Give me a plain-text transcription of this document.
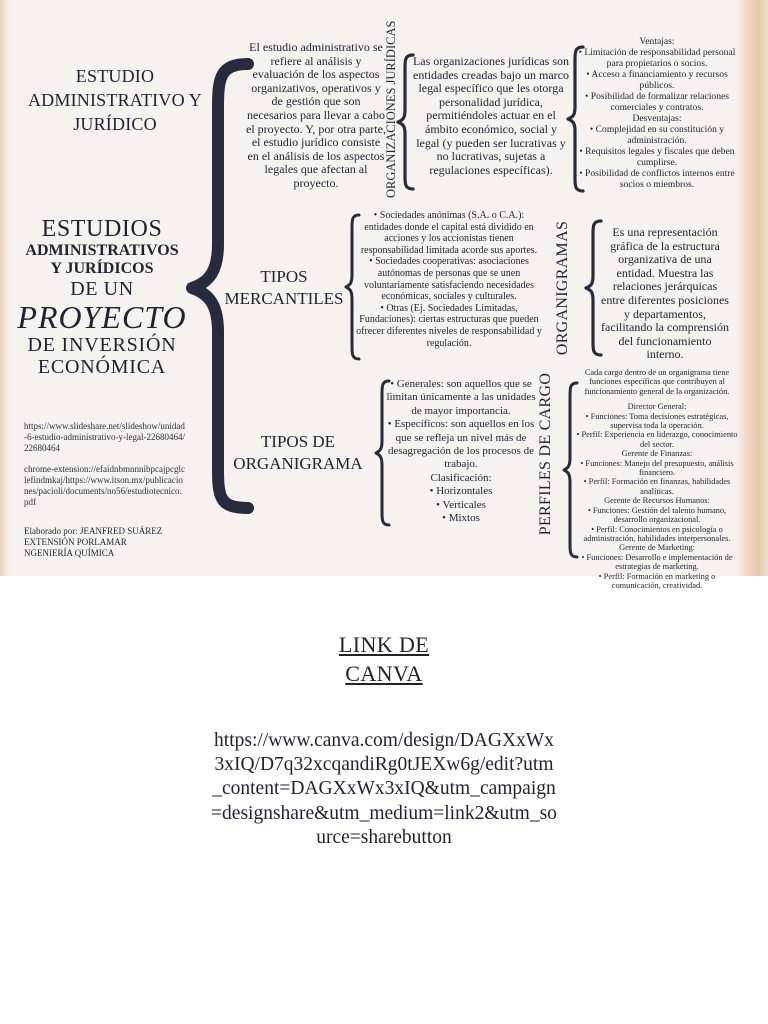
ESTUDIO ADMINISTRATIVO Y JURÍDICO
ESTUDIOS
ADMINISTRATIVOS
Y JURÍDICOS
DE UN
PROYECTO
DE INVERSIÓN
ECONÓMICA
https://www.slideshare.net/slideshow/unidad-6-estudio-administrativo-y-legal-22680464/22680464
chrome-extension://efaidnbmnnnibpcajpcglclefindmkaj/https://www.itson.mx/publicaciones/pacioli/documents/no56/estudiotecnico.pdf
Elaborado por: JEANFRED SUÁREZ
EXTENSIÓN PORLAMAR
NGENIERÍA QUÍMICA
El estudio administrativo se refiere al análisis y evaluación de los aspectos organizativos, operativos y de gestión que son necesarios para llevar a cabo el proyecto. Y, por otra parte, el estudio jurídico consiste en el análisis de los aspectos legales que afectan al proyecto.	ORGANIZACIONES JURÍDICAS Las organizaciones jurídicas son entidades creadas bajo un marco legal específico que les otorga personalidad jurídica, permitiéndoles actuar en el ámbito económico, social y legal (y pueden ser lucrativas y no lucrativas, sujetas a regulaciones específicas).
Ventajas:
• Limitación de responsabilidad personal para propietarios o socios.
• Acceso a financiamiento y recursos públicos.
• Posibilidad de formalizar relaciones comerciales y contratos.
Desventajas:
• Complejidad en su constitución y administración.
• Requisitos legales y fiscales que deben cumplirse.
• Posibilidad de conflictos internos entre socios o miembros.
TIPOS MERCANTILES
• Sociedades anónimas (S.A. o C.A.): entidades donde el capital está dividido en acciones y los accionistas tienen responsabilidad limitada acorde sus aportes.
• Sociedades cooperativas: asociaciones autónomas de personas que se unen voluntariamente satisfaciendo necesidades económicas, sociales y culturales.
• Otras (Ej. Sociedades Limitadas, Fundaciones): ciertas estructuras que pueden ofrecer diferentes niveles de responsabilidad y regulación.	ORGANIGRAMAS	Es una representación gráfica de la estructura organizativa de una entidad. Muestra las relaciones jerárquicas entre diferentes posiciones y departamentos, facilitando la comprensión del funcionamiento interno.
TIPOS DE ORGANIGRAMA
• Generales: son aquellos que se limitan únicamente a las unidades de mayor importancia.
• Específicos: son aquellos en los que se refleja un nivel más de desagregación de los procesos de trabajo.
Clasificación:
• Horizontales
• Verticales
• Mixtos	PERFILES DE CARGO
Cada cargo dentro de un organigrama tiene funciones específicas que contribuyen al funcionamiento general de la organización.
Director General:
• Funciones: Toma decisiones estratégicas, supervisa toda la operación.
• Perfil: Experiencia en liderazgo, conocimiento del sector.
Gerente de Finanzas:
• Funciones: Manejo del presupuesto, análisis financiero.
• Perfil: Formación en finanzas, habilidades analíticas.
Gerente de Recursos Humanos:
• Funciones: Gestión del talento humano, desarrollo organizacional.
• Perfil: Conocimientos en psicología o administración, habilidades interpersonales.
Gerente de Marketing:
• Funciones: Desarrollo e implementación de estrategias de marketing.
• Perfil: Formación en marketing o comunicación, creatividad.
LINK DE
CANVA
https://www.canva.com/design/DAGXxWx3xIQ/D7q32xcqandiRg0tJEXw6g/edit?utm_content=DAGXxWx3xIQ&utm_campaign=designshare&utm_medium=link2&utm_source=sharebutton
